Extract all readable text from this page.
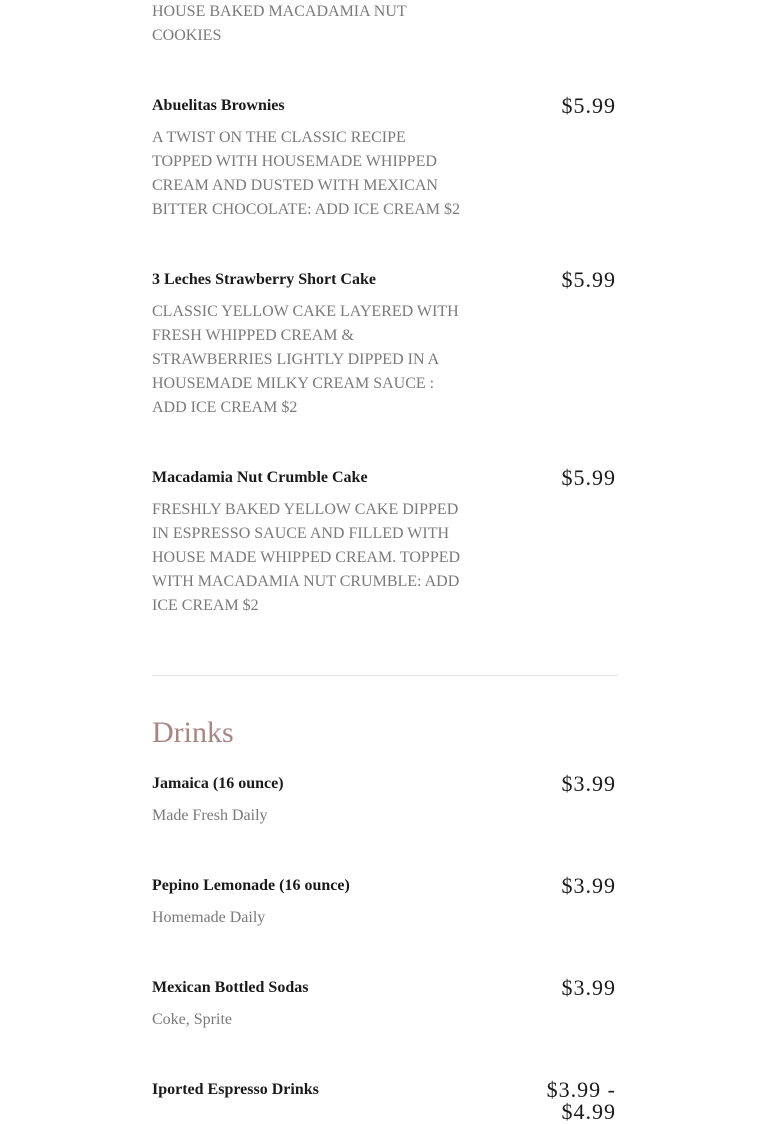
HOUSE BAKED MACADAMIA NUT
COOKIES

Abuelitas Brownies	$5.99

A TWIST ON THE CLASSIC RECIPE
TOPPED WITH HOUSEMADE WHIPPED
CREAM AND DUSTED WITH MEXICAN
BITTER CHOCOLATE: ADD ICE CREAM $2

3 Leches Strawberry Short Cake	$5.99

CLASSIC YELLOW CAKE LAYERED WITH
FRESH WHIPPED CREAM &
STRAWBERRIES LIGHTLY DIPPED IN A
HOUSEMADE MILKY CREAM SAUCE :
ADD ICE CREAM $2

Macadamia Nut Crumble Cake	$5.99

FRESHLY BAKED YELLOW CAKE DIPPED
IN ESPRESSO SAUCE AND FILLED WITH
HOUSE MADE WHIPPED CREAM. TOPPED
WITH MACADAMIA NUT CRUMBLE: ADD
ICE CREAM $2

Drinks

Jamaica (16 ounce)	$3.99

Made Fresh Daily

Pepino Lemonade (16 ounce)	$3.99

Homemade Daily

Mexican Bottled Sodas	$3.99

Coke, Sprite

Iported Espresso Drinks	$3.99 - $4.99
